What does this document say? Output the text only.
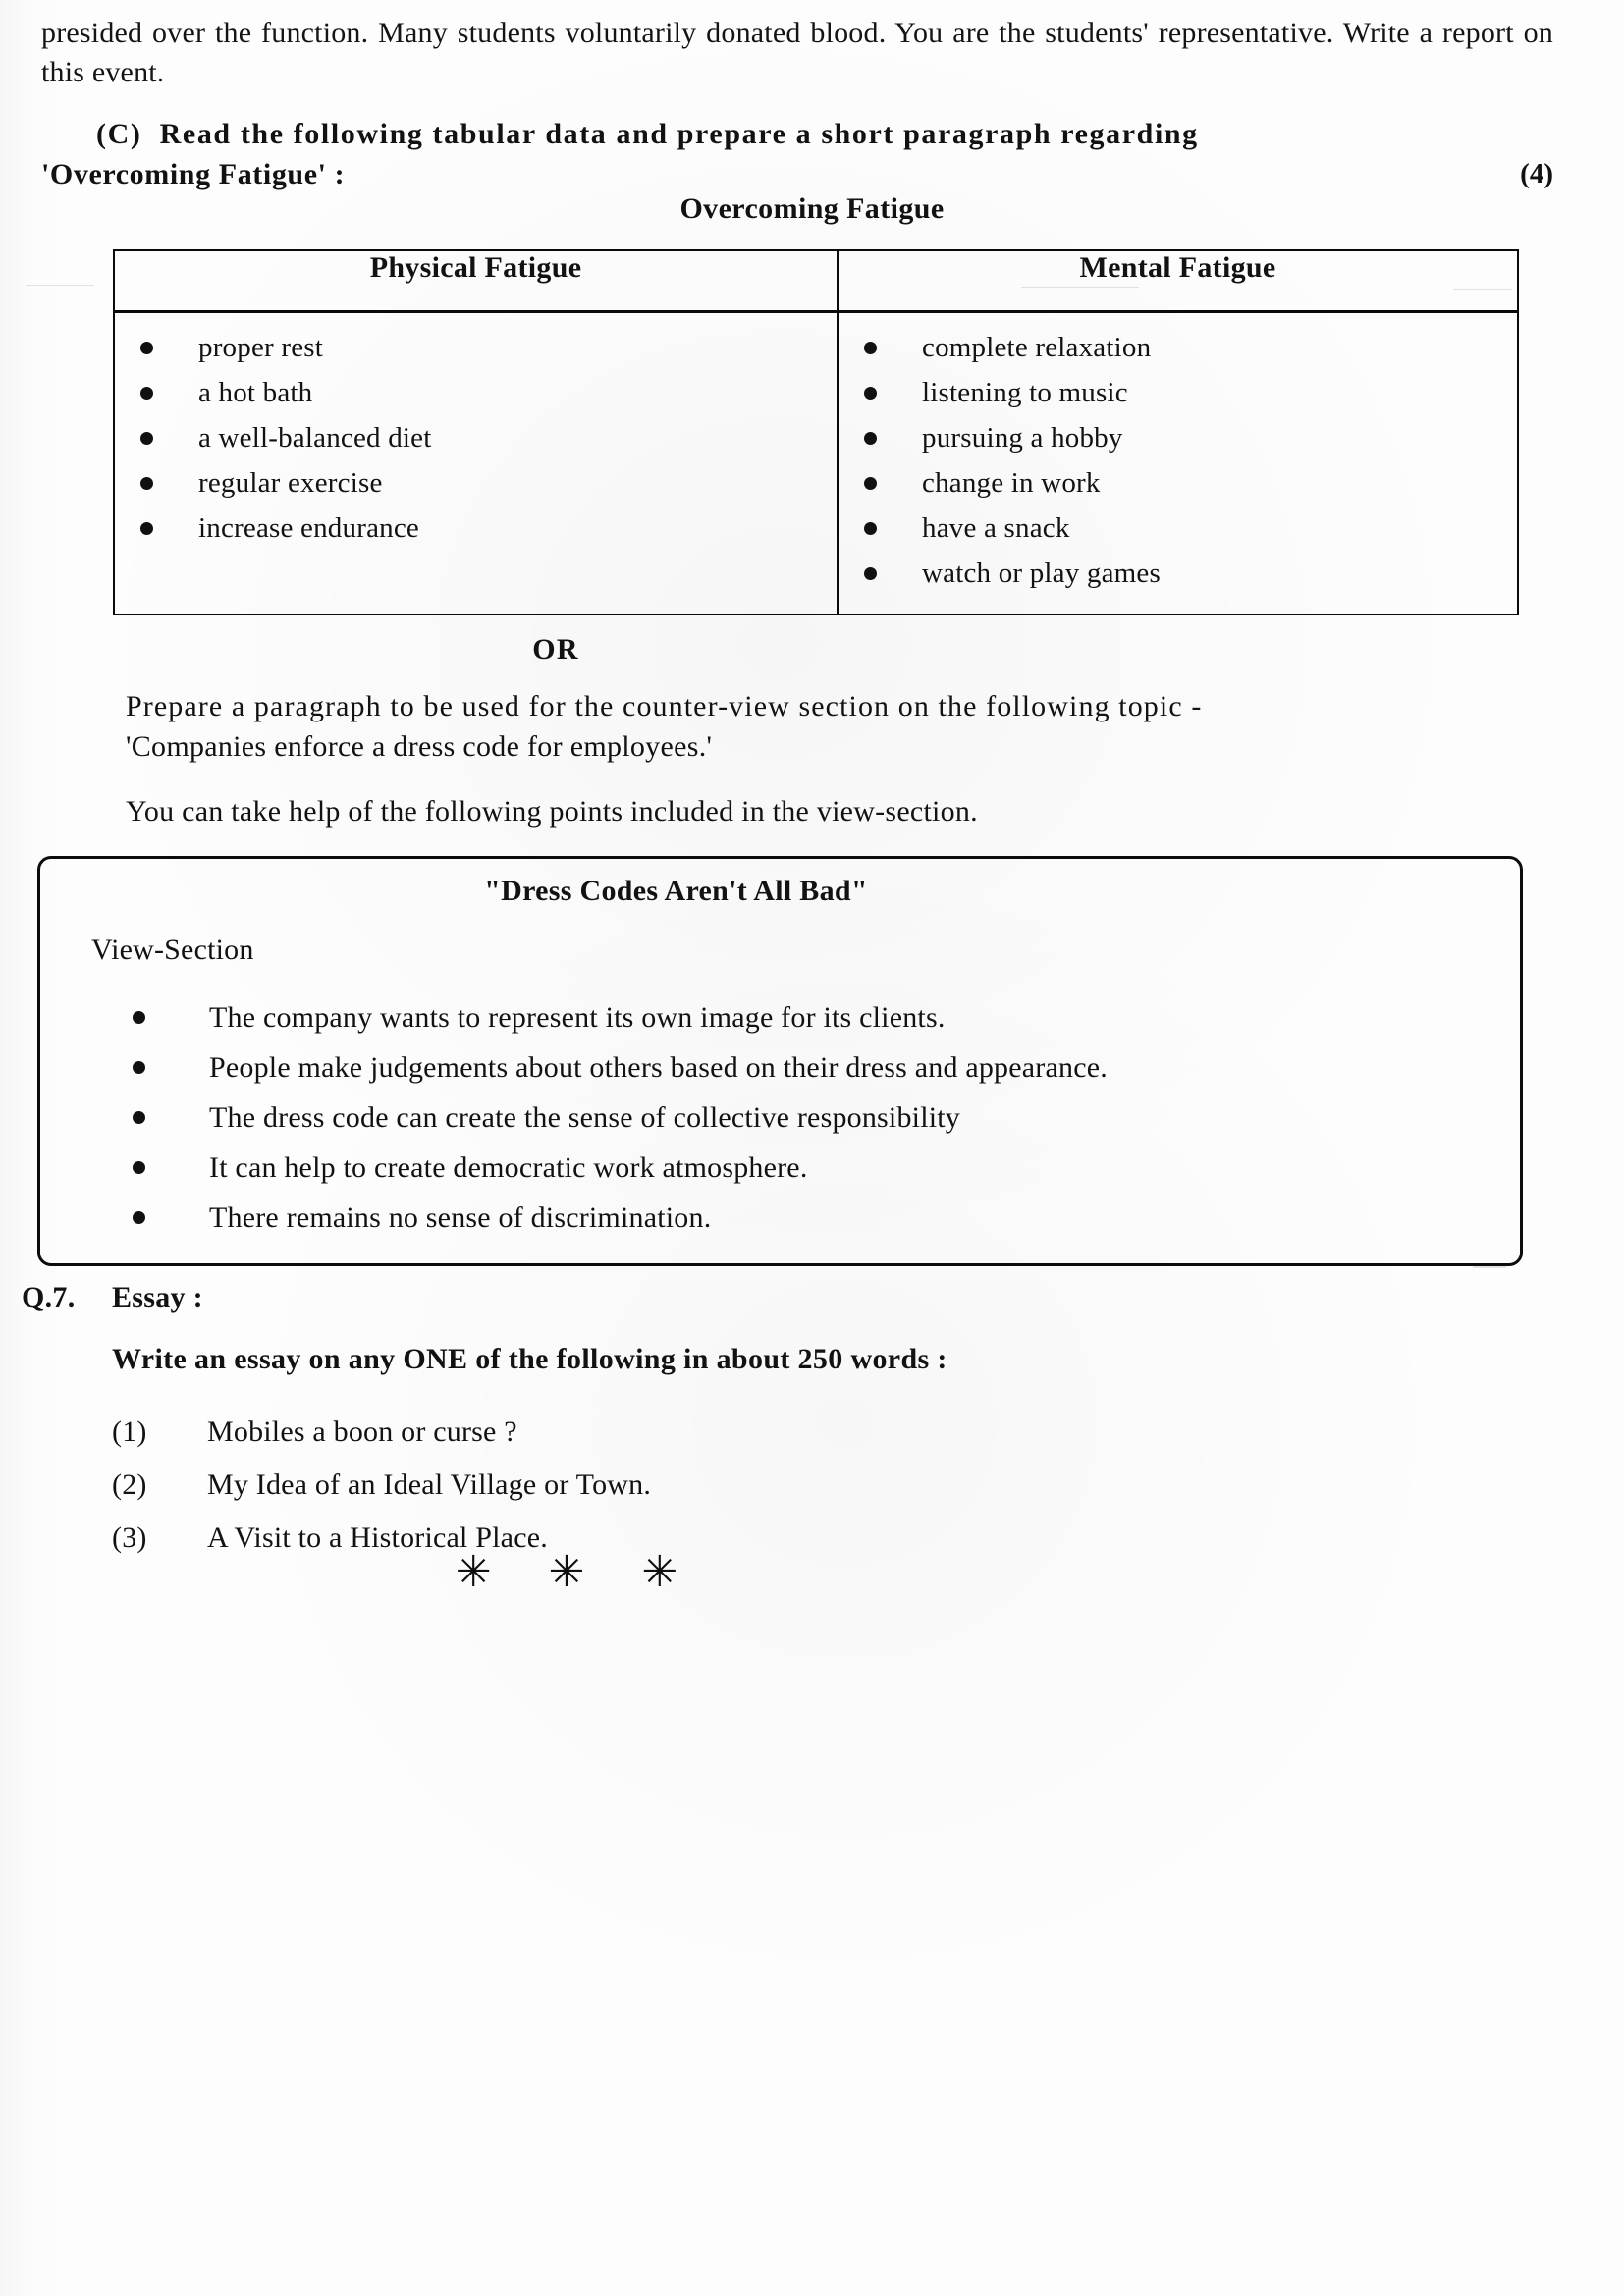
presided over the function. Many students voluntarily donated blood. You are the students' representative. Write a report on this event.
(C) Read the following tabular data and prepare a short paragraph regarding
'Overcoming Fatigue' :	(4)
Overcoming Fatigue
Physical Fatigue	Mental Fatigue

proper rest
a hot bath
a well-balanced diet
regular exercise
increase endurance

complete relaxation
listening to music
pursuing a hobby
change in work
have a snack
watch or play games
OR
Prepare a paragraph to be used for the counter-view section on the following topic -
'Companies enforce a dress code for employees.'
You can take help of the following points included in the view-section.
"Dress Codes Aren't All Bad"
View-Section
The company wants to represent its own image for its clients.
People make judgements about others based on their dress and appearance.
The dress code can create the sense of collective responsibility
It can help to create democratic work atmosphere.
There remains no sense of discrimination.
Q.7. Essay :
Write an essay on any ONE of the following in about 250 words :
(1)	Mobiles a boon or curse ?
(2)	My Idea of an Ideal Village or Town.
(3)	A Visit to a Historical Place.
✳ ✳ ✳
